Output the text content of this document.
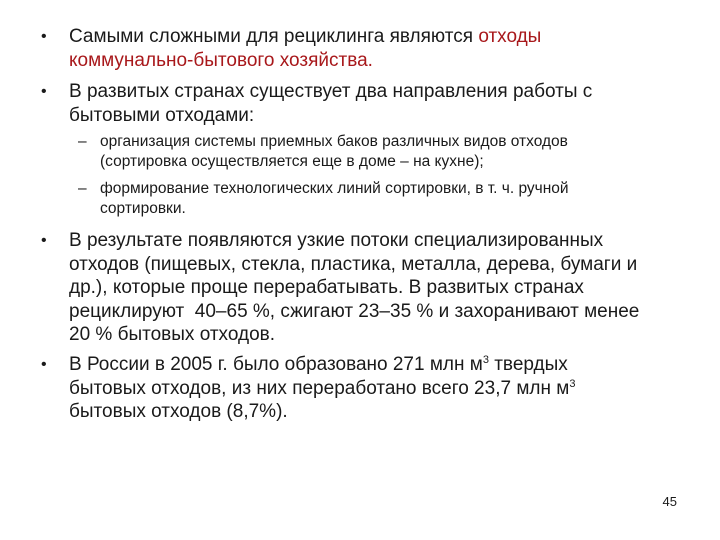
• Самыми сложными для рециклинга являются отходы
коммунально-бытового хозяйства.
• В развитых странах существует два направления работы с
бытовыми отходами:
– организация системы приемных баков различных видов отходов
(сортировка осуществляется еще в доме – на кухне);
– формирование технологических линий сортировки, в т. ч. ручной
сортировки.
• В результате появляются узкие потоки специализированных
отходов (пищевых, стекла, пластика, металла, дерева, бумаги и
др.), которые проще перерабатывать. В развитых странах
рециклируют  40–65 %, сжигают 23–35 % и захоранивают менее
20 % бытовых отходов.
• В России в 2005 г. было образовано 271 млн $м^3$ твердых
бытовых отходов, из них переработано всего 23,7 млн $м^3$
бытовых отходов (8,7%).
45
